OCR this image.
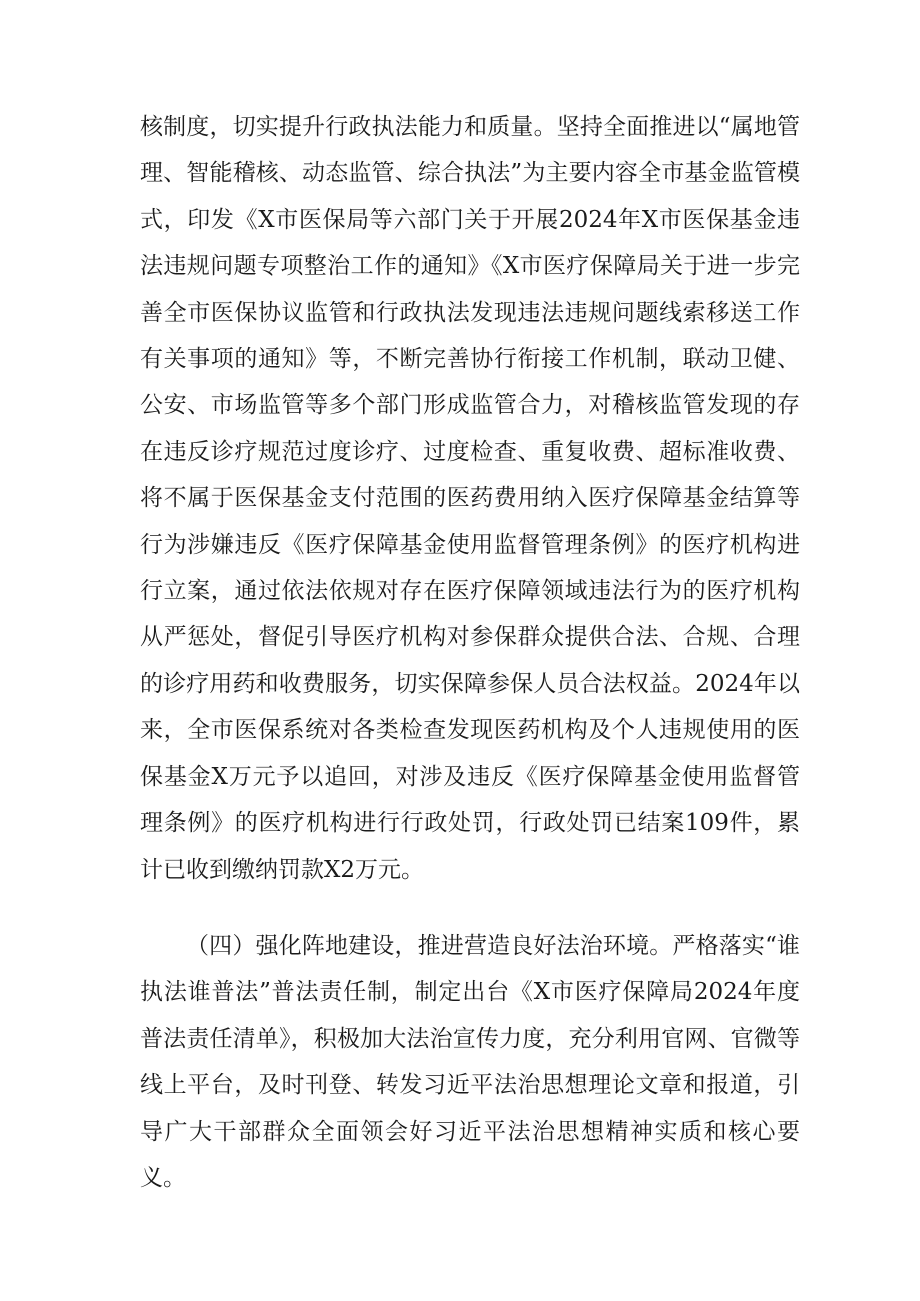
核制度，切实提升行政执法能力和质量。坚持全面推进以“属地管理、智能稽核、动态监管、综合执法”为主要内容全市基金监管模式，印发《X市医保局等六部门关于开展2024年X市医保基金违法违规问题专项整治工作的通知》《X市医疗保障局关于进一步完善全市医保协议监管和行政执法发现违法违规问题线索移送工作有关事项的通知》等，不断完善协行衔接工作机制，联动卫健、公安、市场监管等多个部门形成监管合力，对稽核监管发现的存在违反诊疗规范过度诊疗、过度检查、重复收费、超标准收费、将不属于医保基金支付范围的医药费用纳入医疗保障基金结算等行为涉嫌违反《医疗保障基金使用监督管理条例》的医疗机构进行立案，通过依法依规对存在医疗保障领域违法行为的医疗机构从严惩处，督促引导医疗机构对参保群众提供合法、合规、合理的诊疗用药和收费服务，切实保障参保人员合法权益。2024年以来，全市医保系统对各类检查发现医药机构及个人违规使用的医保基金X万元予以追回，对涉及违反《医疗保障基金使用监督管理条例》的医疗机构进行行政处罚，行政处罚已结案109件，累计已收到缴纳罚款X2万元。

（四）强化阵地建设，推进营造良好法治环境。严格落实“谁执法谁普法”普法责任制，制定出台《X市医疗保障局2024年度普法责任清单》，积极加大法治宣传力度，充分利用官网、官微等线上平台，及时刊登、转发习近平法治思想理论文章和报道，引导广大干部群众全面领会好习近平法治思想精神实质和核心要义。
